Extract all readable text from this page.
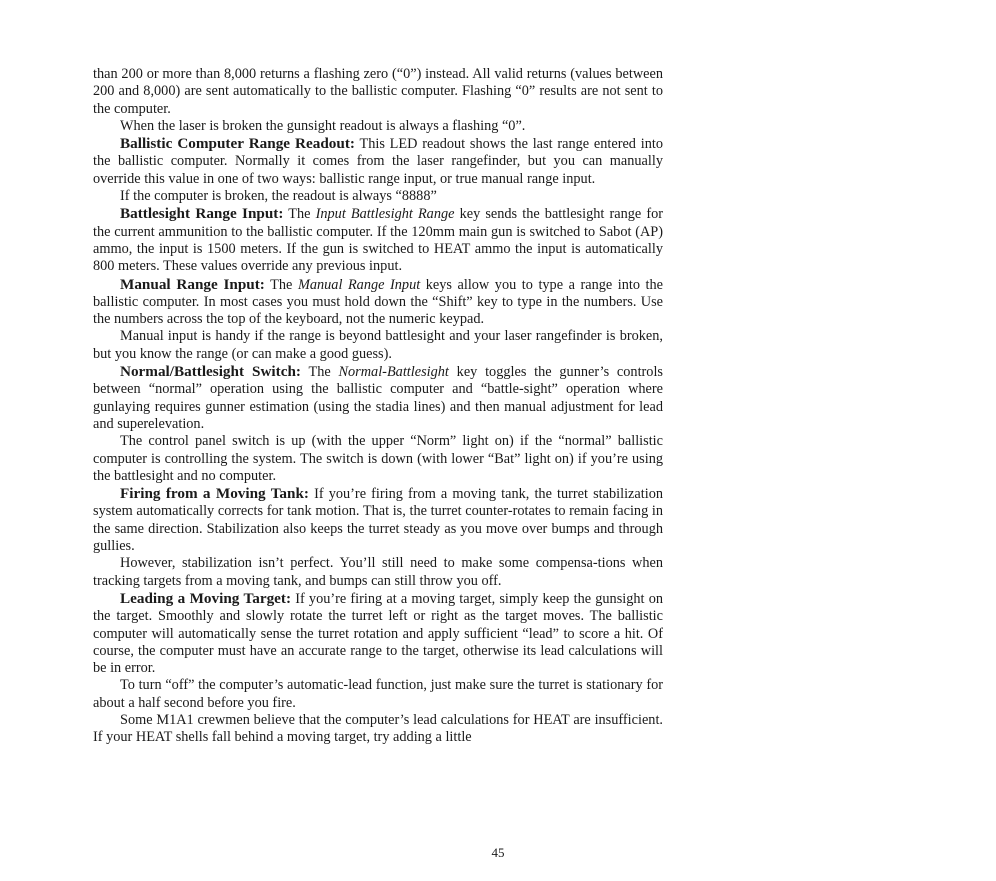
than 200 or more than 8,000 returns a flashing zero (“0”) instead. All valid returns (values between 200 and 8,000) are sent automatically to the ballistic computer. Flashing “0” results are not sent to the computer.

When the laser is broken the gunsight readout is always a flashing “0”.

Ballistic Computer Range Readout: This LED readout shows the last range entered into the ballistic computer. Normally it comes from the laser rangefinder, but you can manually override this value in one of two ways: ballistic range input, or true manual range input.

If the computer is broken, the readout is always “8888”

Battlesight Range Input: The Input Battlesight Range key sends the battlesight range for the current ammunition to the ballistic computer. If the 120mm main gun is switched to Sabot (AP) ammo, the input is 1500 meters. If the gun is switched to HEAT ammo the input is automatically 800 meters. These values override any previous input.

Manual Range Input: The Manual Range Input keys allow you to type a range into the ballistic computer. In most cases you must hold down the “Shift” key to type in the numbers. Use the numbers across the top of the keyboard, not the numeric keypad.

Manual input is handy if the range is beyond battlesight and your laser rangefinder is broken, but you know the range (or can make a good guess).

Normal/Battlesight Switch: The Normal-Battlesight key toggles the gunner’s controls between “normal” operation using the ballistic computer and “battle-sight” operation where gunlaying requires gunner estimation (using the stadia lines) and then manual adjustment for lead and superelevation.

The control panel switch is up (with the upper “Norm” light on) if the “normal” ballistic computer is controlling the system. The switch is down (with lower “Bat” light on) if you’re using the battlesight and no computer.

Firing from a Moving Tank: If you’re firing from a moving tank, the turret stabilization system automatically corrects for tank motion. That is, the turret counter-rotates to remain facing in the same direction. Stabilization also keeps the turret steady as you move over bumps and through gullies.

However, stabilization isn’t perfect. You’ll still need to make some compensa-tions when tracking targets from a moving tank, and bumps can still throw you off.

Leading a Moving Target: If you’re firing at a moving target, simply keep the gunsight on the target. Smoothly and slowly rotate the turret left or right as the target moves. The ballistic computer will automatically sense the turret rotation and apply sufficient “lead” to score a hit. Of course, the computer must have an accurate range to the target, otherwise its lead calculations will be in error.

To turn “off” the computer’s automatic-lead function, just make sure the turret is stationary for about a half second before you fire.

Some M1A1 crewmen believe that the computer’s lead calculations for HEAT are insufficient. If your HEAT shells fall behind a moving target, try adding a little

45
